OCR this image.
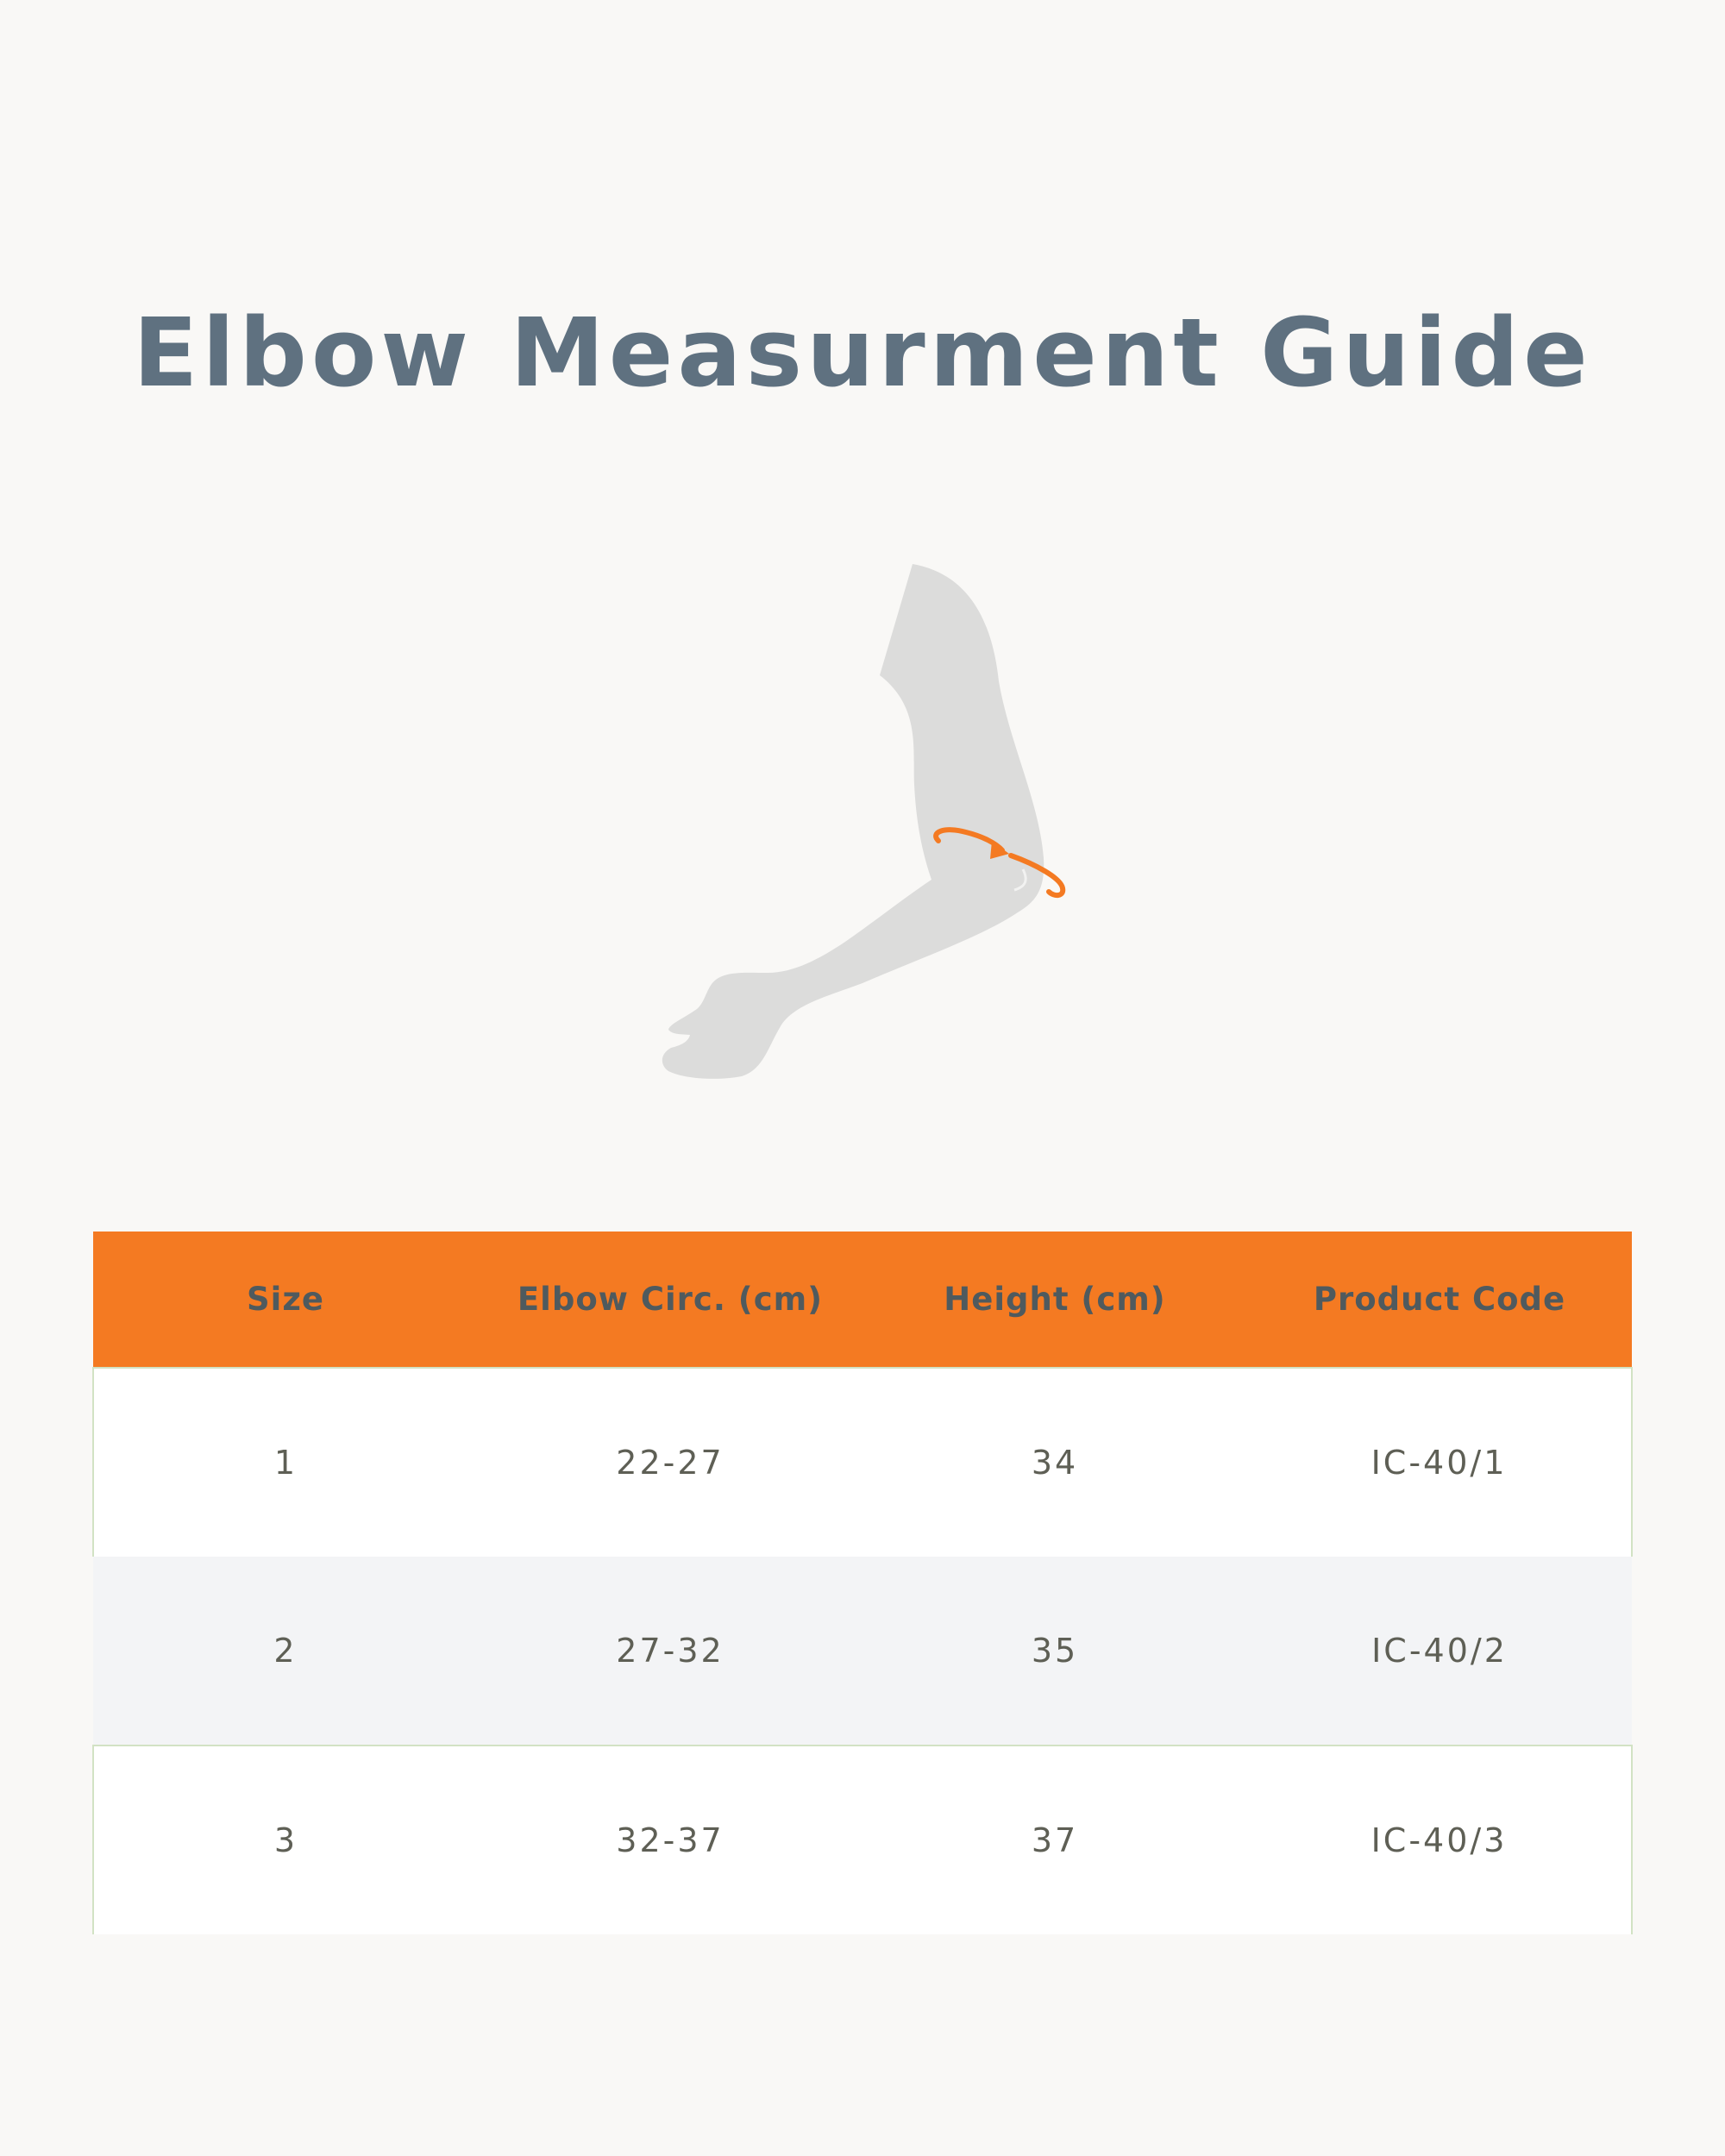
Elbow Measurment Guide
Size	Elbow Circ. (cm)	Height (cm)	Product Code
1	22-27	34	IC-40/1
2	27-32	35	IC-40/2
3	32-37	37	IC-40/3
